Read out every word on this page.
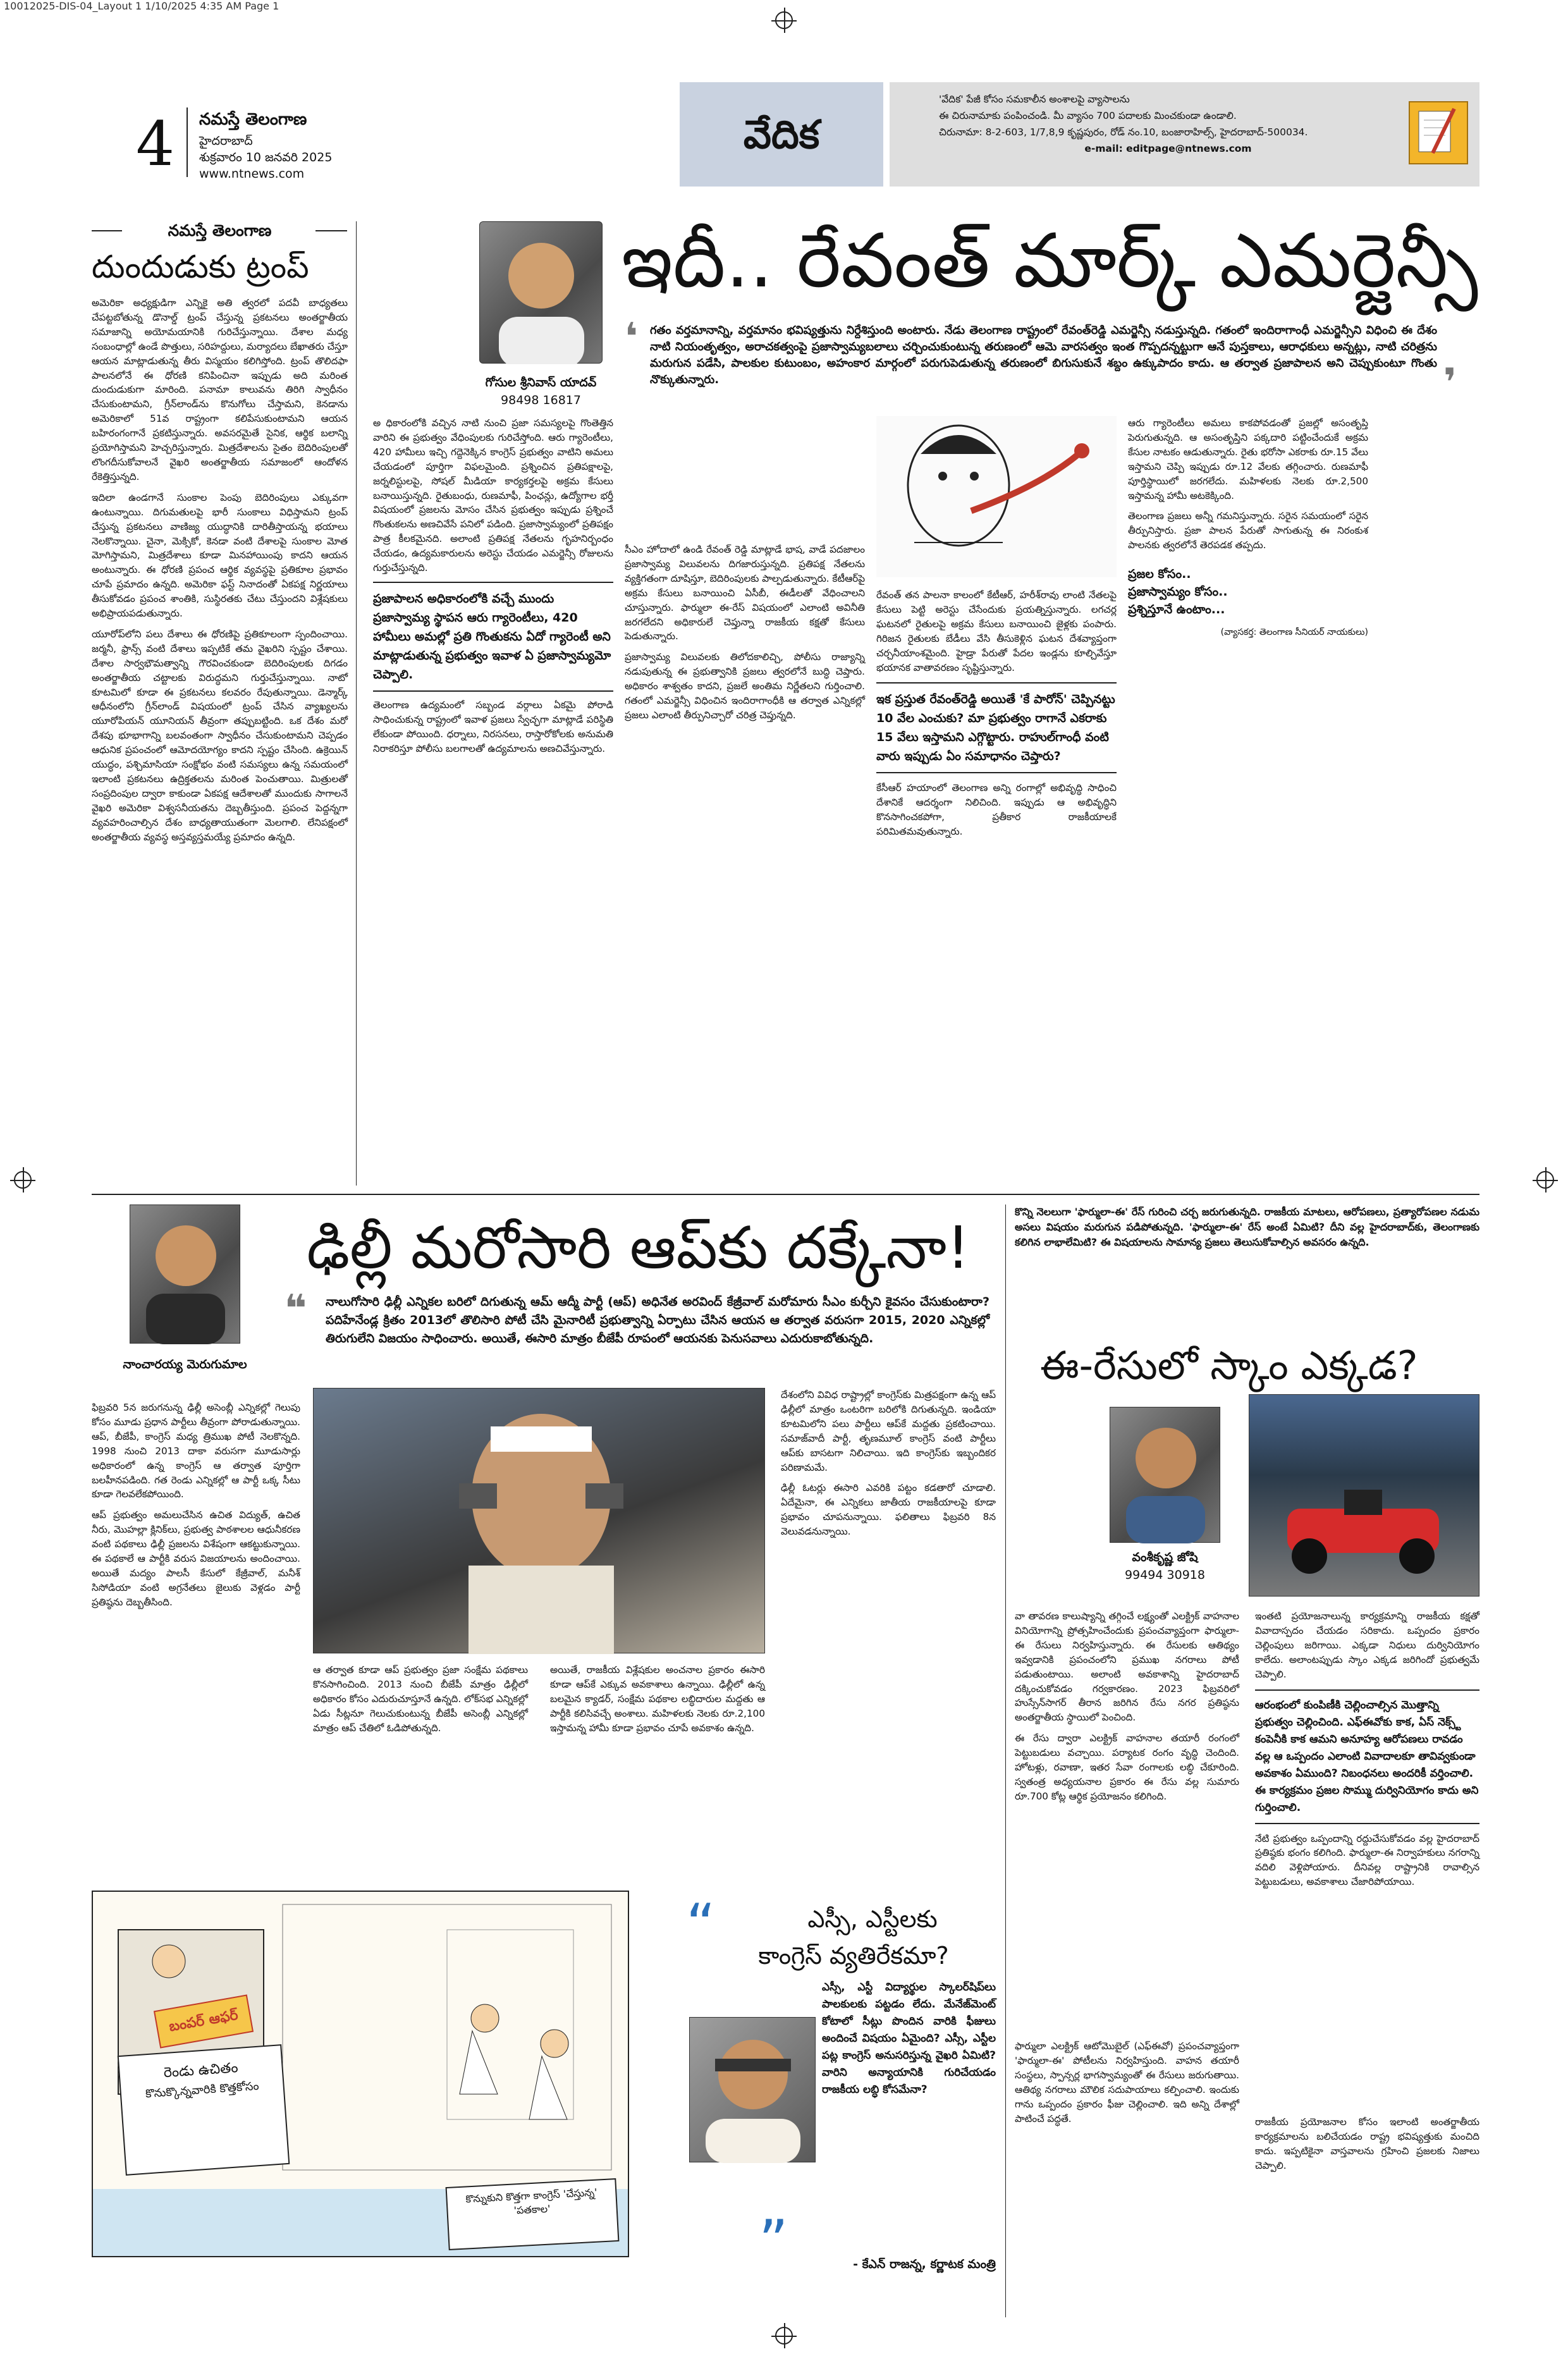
10012025-DIS-04_Layout 1 1/10/2025 4:35 AM Page 1
4 నమస్తే తెలంగాణ
హైదరాబాద్
శుక్రవారం 10 జనవరి 2025
www.ntnews.com
వేదిక
'వేదిక' పేజీ కోసం సమకాలీన అంశాలపై వ్యాసాలను
ఈ చిరునామాకు పంపించండి. మీ వ్యాసం 700 పదాలకు మించకుండా ఉండాలి.
చిరునామా: 8-2-603, 1/7,8,9 కృష్ణపురం, రోడ్ నం.10, బంజారాహిల్స్, హైదరాబాద్-500034.
e-mail: editpage@ntnews.com
నమస్తే తెలంగాణ
దుందుడుకు ట్రంప్

అమెరికా అధ్యక్షుడిగా ఎన్నికై అతి త్వరలో పదవీ బాధ్యతలు చేపట్టబోతున్న డొనాల్డ్ ట్రంప్ చేస్తున్న ప్రకటనలు అంతర్జాతీయ సమాజాన్ని అయోమయానికి గురిచేస్తున్నాయి. దేశాల మధ్య సంబంధాల్లో ఉండే పొత్తులు, సరిహద్దులు, మర్యాదలు బేఖాతరు చేస్తూ ఆయన మాట్లాడుతున్న తీరు విస్మయం కలిగిస్తోంది. ట్రంప్ తొలిదఫా పాలనలోనే ఈ ధోరణి కనిపించినా ఇప్పుడు అది మరింత దుందుడుకుగా మారింది. పనామా కాలువను తిరిగి స్వాధీనం చేసుకుంటామని, గ్రీన్‌లాండ్‌ను కొనుగోలు చేస్తామని, కెనడాను అమెరికాలో 51వ రాష్ట్రంగా కలిపేసుకుంటామని ఆయన బహిరంగంగానే ప్రకటిస్తున్నారు. అవసరమైతే సైనిక, ఆర్థిక బలాన్ని ప్రయోగిస్తామని హెచ్చరిస్తున్నారు. మిత్రదేశాలను సైతం బెదిరింపులతో లొంగదీసుకోవాలనే వైఖరి అంతర్జాతీయ సమాజంలో ఆందోళన రేకెత్తిస్తున్నది.

ఇదిలా ఉండగానే సుంకాల పెంపు బెదిరింపులు ఎక్కువగా ఉంటున్నాయి. దిగుమతులపై భారీ సుంకాలు విధిస్తామని ట్రంప్ చేస్తున్న ప్రకటనలు వాణిజ్య యుద్ధానికి దారితీస్తాయన్న భయాలు నెలకొన్నాయి. చైనా, మెక్సికో, కెనడా వంటి దేశాలపై సుంకాల మోత మోగిస్తామని, మిత్రదేశాలు కూడా మినహాయింపు కాదని ఆయన అంటున్నారు. ఈ ధోరణి ప్రపంచ ఆర్థిక వ్యవస్థపై ప్రతికూల ప్రభావం చూపే ప్రమాదం ఉన్నది. అమెరికా ఫస్ట్ నినాదంతో ఏకపక్ష నిర్ణయాలు తీసుకోవడం ప్రపంచ శాంతికి, సుస్థిరతకు చేటు చేస్తుందని విశ్లేషకులు అభిప్రాయపడుతున్నారు.

యూరోప్‌లోని పలు దేశాలు ఈ ధోరణిపై ప్రతికూలంగా స్పందించాయి. జర్మనీ, ఫ్రాన్స్ వంటి దేశాలు ఇప్పటికే తమ వైఖరిని స్పష్టం చేశాయి. దేశాల సార్వభౌమత్వాన్ని గౌరవించకుండా బెదిరింపులకు దిగడం అంతర్జాతీయ చట్టాలకు విరుద్ధమని గుర్తుచేస్తున్నాయి. నాటో కూటమిలో కూడా ఈ ప్రకటనలు కలవరం రేపుతున్నాయి. డెన్మార్క్ ఆధీనంలోని గ్రీన్‌లాండ్ విషయంలో ట్రంప్ చేసిన వ్యాఖ్యలను యూరోపియన్ యూనియన్ తీవ్రంగా తప్పుబట్టింది. ఒక దేశం మరో దేశపు భూభాగాన్ని బలవంతంగా స్వాధీనం చేసుకుంటామని చెప్పడం ఆధునిక ప్రపంచంలో ఆమోదయోగ్యం కాదని స్పష్టం చేసింది. ఉక్రెయిన్ యుద్ధం, పశ్చిమాసియా సంక్షోభం వంటి సమస్యలు ఉన్న సమయంలో ఇలాంటి ప్రకటనలు ఉద్రిక్తతలను మరింత పెంచుతాయి. మిత్రులతో సంప్రదింపుల ద్వారా కాకుండా ఏకపక్ష ఆదేశాలతో ముందుకు సాగాలనే వైఖరి అమెరికా విశ్వసనీయతను దెబ్బతీస్తుంది. ప్రపంచ పెద్దన్నగా వ్యవహరించాల్సిన దేశం బాధ్యతాయుతంగా మెలగాలి. లేనిపక్షంలో అంతర్జాతీయ వ్యవస్థ అస్తవ్యస్తమయ్యే ప్రమాదం ఉన్నది.

గోసుల శ్రీనివాస్ యాదవ్
98498 16817
ఇదీ.. రేవంత్ మార్క్ ఎమర్జెన్సీ
❛	గతం వర్తమానాన్ని, వర్తమానం భవిష్యత్తును నిర్దేశిస్తుంది అంటారు. నేడు తెలంగాణ రాష్ట్రంలో రేవంత్‌రెడ్డి ఎమర్జెన్సీ నడుస్తున్నది. గతంలో ఇందిరాగాంధీ ఎమర్జెన్సీని విధించి ఈ దేశం నాటి నియంతృత్వం, అరాచకత్వంపై ప్రజాస్వామ్యబలాలు చర్చించుకుంటున్న తరుణంలో ఆమె వారసత్వం ఇంత గొప్పదన్నట్టుగా ఆనే పుస్తకాలు, ఆరాధకులు అన్నట్లు, నాటి చరిత్రను మరుగున పడేసి, పాలకుల కుటుంబం, అహంకార మార్గంలో పరుగుపెడుతున్న తరుణంలో బిగుసుకునే శబ్దం ఉక్కుపాదం కాదు. ఆ తర్వాత ప్రజాపాలన అని చెప్పుకుంటూ గొంతు నొక్కుతున్నారు.	❜

అ ధికారంలోకి వచ్చిన నాటి నుంచి ప్రజా సమస్యలపై గొంతెత్తిన వారిని ఈ ప్రభుత్వం వేధింపులకు గురిచేస్తోంది. ఆరు గ్యారెంటీలు, 420 హామీలు ఇచ్చి గద్దెనెక్కిన కాంగ్రెస్ ప్రభుత్వం వాటిని అమలు చేయడంలో పూర్తిగా విఫలమైంది. ప్రశ్నించిన ప్రతిపక్షాలపై, జర్నలిస్టులపై, సోషల్ మీడియా కార్యకర్తలపై అక్రమ కేసులు బనాయిస్తున్నది. రైతుబంధు, రుణమాఫీ, పింఛన్లు, ఉద్యోగాల భర్తీ విషయంలో ప్రజలను మోసం చేసిన ప్రభుత్వం ఇప్పుడు ప్రశ్నించే గొంతుకలను అణచివేసే పనిలో పడింది. ప్రజాస్వామ్యంలో ప్రతిపక్షం పాత్ర కీలకమైనది. అలాంటి ప్రతిపక్ష నేతలను గృహనిర్బంధం చేయడం, ఉద్యమకారులను అరెస్టు చేయడం ఎమర్జెన్సీ రోజులను గుర్తుచేస్తున్నది.

ప్రజాపాలన అధికారంలోకి వచ్చే ముందు ప్రజాస్వామ్య స్థాపన ఆరు గ్యారెంటీలు, 420 హామీలు అమల్లో ప్రతి గొంతుకను ఏదో గ్యారెంటీ అని మాట్లాడుతున్న ప్రభుత్వం ఇవాళ ఏ ప్రజాస్వామ్యమో చెప్పాలి.

తెలంగాణ ఉద్యమంలో సబ్బండ వర్గాలు ఏకమై పోరాడి సాధించుకున్న రాష్ట్రంలో ఇవాళ ప్రజలు స్వేచ్ఛగా మాట్లాడే పరిస్థితి లేకుండా పోయింది. ధర్నాలు, నిరసనలు, రాస్తారోకోలకు అనుమతి నిరాకరిస్తూ పోలీసు బలగాలతో ఉద్యమాలను అణచివేస్తున్నారు.

సీఎం హోదాలో ఉండి రేవంత్ రెడ్డి మాట్లాడే భాష, వాడే పదజాలం ప్రజాస్వామ్య విలువలను దిగజారుస్తున్నది. ప్రతిపక్ష నేతలను వ్యక్తిగతంగా దూషిస్తూ, బెదిరింపులకు పాల్పడుతున్నారు. కేటీఆర్‌పై అక్రమ కేసులు బనాయించి ఏసీబీ, ఈడీలతో వేధించాలని చూస్తున్నారు. ఫార్ములా ఈ-రేస్ విషయంలో ఎలాంటి అవినీతి జరగలేదని అధికారులే చెప్తున్నా రాజకీయ కక్షతో కేసులు పెడుతున్నారు.

ప్రజాస్వామ్య విలువలకు తిలోదకాలిచ్చి, పోలీసు రాజ్యాన్ని నడుపుతున్న ఈ ప్రభుత్వానికి ప్రజలు త్వరలోనే బుద్ధి చెప్తారు. అధికారం శాశ్వతం కాదని, ప్రజలే అంతిమ నిర్ణేతలని గుర్తించాలి. గతంలో ఎమర్జెన్సీ విధించిన ఇందిరాగాంధీకి ఆ తర్వాత ఎన్నికల్లో ప్రజలు ఎలాంటి తీర్పునిచ్చారో చరిత్ర చెప్తున్నది.

రేవంత్ తన పాలనా కాలంలో కేటీఆర్, హరీశ్‌రావు లాంటి నేతలపై కేసులు పెట్టి అరెస్టు చేసేందుకు ప్రయత్నిస్తున్నారు. లగచర్ల ఘటనలో రైతులపై అక్రమ కేసులు బనాయించి జైళ్లకు పంపారు. గిరిజన రైతులకు బేడీలు వేసి తీసుకెళ్లిన ఘటన దేశవ్యాప్తంగా చర్చనీయాంశమైంది. హైడ్రా పేరుతో పేదల ఇండ్లను కూల్చివేస్తూ భయానక వాతావరణం సృష్టిస్తున్నారు.

ఇక ప్రస్తుత రేవంత్‌రెడ్డి అయితే 'కే పారోన్' చెప్పినట్టు 10 వేల ఎంచుకు? మా ప్రభుత్వం రాగానే ఎకరాకు 15 వేలు ఇస్తామని ఎగ్గొట్టారు. రాహుల్‌గాంధీ వంటి వారు ఇప్పుడు ఏం సమాధానం చెప్తారు?

కేసీఆర్ హయాంలో తెలంగాణ అన్ని రంగాల్లో అభివృద్ధి సాధించి దేశానికే ఆదర్శంగా నిలిచింది. ఇప్పుడు ఆ అభివృద్ధిని కొనసాగించకపోగా, ప్రతీకార రాజకీయాలకే పరిమితమవుతున్నారు.

ఆరు గ్యారెంటీలు అమలు కాకపోవడంతో ప్రజల్లో అసంతృప్తి పెరుగుతున్నది. ఆ అసంతృప్తిని పక్కదారి పట్టించేందుకే అక్రమ కేసుల నాటకం ఆడుతున్నారు. రైతు భరోసా ఎకరాకు రూ.15 వేలు ఇస్తామని చెప్పి ఇప్పుడు రూ.12 వేలకు తగ్గించారు. రుణమాఫీ పూర్తిస్థాయిలో జరగలేదు. మహిళలకు నెలకు రూ.2,500 ఇస్తామన్న హామీ అటకెక్కింది.

తెలంగాణ ప్రజలు అన్నీ గమనిస్తున్నారు. సరైన సమయంలో సరైన తీర్పునిస్తారు. ప్రజా పాలన పేరుతో సాగుతున్న ఈ నిరంకుశ పాలనకు త్వరలోనే తెరపడక తప్పదు.

ప్రజల కోసం..
ప్రజాస్వామ్యం కోసం..
ప్రశ్నిస్తూనే ఉంటాం...
(వ్యాసకర్త: తెలంగాణ సీనియర్ నాయకులు)
నాంచారయ్య మెరుగుమాల
ఢిల్లీ మరోసారి ఆప్‌కు దక్కేనా!
❝ నాలుగోసారి ఢిల్లీ ఎన్నికల బరిలో దిగుతున్న ఆమ్ ఆద్మీ పార్టీ (ఆప్) అధినేత అరవింద్ కేజ్రీవాల్ మరోమారు సీఎం కుర్చీని కైవసం చేసుకుంటారా? పదిహేనేండ్ల క్రితం 2013లో తొలిసారి పోటీ చేసి మైనారిటీ ప్రభుత్వాన్ని ఏర్పాటు చేసిన ఆయన ఆ తర్వాత వరుసగా 2015, 2020 ఎన్నికల్లో తిరుగులేని విజయం సాధించారు. అయితే, ఈసారి మాత్రం బీజేపీ రూపంలో ఆయనకు పెనుసవాలు ఎదురుకాబోతున్నది.

ఫిబ్రవరి 5న జరుగనున్న ఢిల్లీ అసెంబ్లీ ఎన్నికల్లో గెలుపు కోసం మూడు ప్రధాన పార్టీలు తీవ్రంగా పోరాడుతున్నాయి. ఆప్, బీజేపీ, కాంగ్రెస్ మధ్య త్రిముఖ పోటీ నెలకొన్నది. 1998 నుంచి 2013 దాకా వరుసగా మూడుసార్లు అధికారంలో ఉన్న కాంగ్రెస్ ఆ తర్వాత పూర్తిగా బలహీనపడింది. గత రెండు ఎన్నికల్లో ఆ పార్టీ ఒక్క సీటు కూడా గెలవలేకపోయింది.

ఆప్ ప్రభుత్వం అమలుచేసిన ఉచిత విద్యుత్, ఉచిత నీరు, మొహల్లా క్లినిక్‌లు, ప్రభుత్వ పాఠశాలల ఆధునీకరణ వంటి పథకాలు ఢిల్లీ ప్రజలను విశేషంగా ఆకట్టుకున్నాయి. ఈ పథకాలే ఆ పార్టీకి వరుస విజయాలను అందించాయి. అయితే మద్యం పాలసీ కేసులో కేజ్రీవాల్, మనీశ్ సిసోడియా వంటి అగ్రనేతలు జైలుకు వెళ్లడం పార్టీ ప్రతిష్ఠను దెబ్బతీసింది.

ఆ తర్వాత కూడా ఆప్ ప్రభుత్వం ప్రజా సంక్షేమ పథకాలు కొనసాగించింది. 2013 నుంచి బీజేపీ మాత్రం ఢిల్లీలో అధికారం కోసం ఎదురుచూస్తూనే ఉన్నది. లోక్‌సభ ఎన్నికల్లో ఏడు సీట్లనూ గెలుచుకుంటున్న బీజేపీ అసెంబ్లీ ఎన్నికల్లో మాత్రం ఆప్ చేతిలో ఓడిపోతున్నది.

అయితే, రాజకీయ విశ్లేషకుల అంచనాల ప్రకారం ఈసారి కూడా ఆప్‌కే ఎక్కువ అవకాశాలు ఉన్నాయి. ఢిల్లీలో ఉన్న బలమైన క్యాడర్, సంక్షేమ పథకాల లబ్ధిదారుల మద్దతు ఆ పార్టీకి కలిసివచ్చే అంశాలు. మహిళలకు నెలకు రూ.2,100 ఇస్తామన్న హామీ కూడా ప్రభావం చూపే అవకాశం ఉన్నది.

దేశంలోని వివిధ రాష్ట్రాల్లో కాంగ్రెస్‌కు మిత్రపక్షంగా ఉన్న ఆప్ ఢిల్లీలో మాత్రం ఒంటరిగా బరిలోకి దిగుతున్నది. ఇండియా కూటమిలోని పలు పార్టీలు ఆప్‌కే మద్దతు ప్రకటించాయి. సమాజ్‌వాదీ పార్టీ, తృణమూల్ కాంగ్రెస్ వంటి పార్టీలు ఆప్‌కు బాసటగా నిలిచాయి. ఇది కాంగ్రెస్‌కు ఇబ్బందికర పరిణామమే.

ఢిల్లీ ఓటర్లు ఈసారి ఎవరికి పట్టం కడతారో చూడాలి. ఏదేమైనా, ఈ ఎన్నికలు జాతీయ రాజకీయాలపై కూడా ప్రభావం చూపనున్నాయి. ఫలితాలు ఫిబ్రవరి 8న వెలువడనున్నాయి.

కొన్ని నెలలుగా 'ఫార్ములా-ఈ' రేస్ గురించి చర్చ జరుగుతున్నది. రాజకీయ మాటలు, ఆరోపణలు, ప్రత్యారోపణల నడుమ అసలు విషయం మరుగున పడిపోతున్నది. 'ఫార్ములా-ఈ' రేస్ అంటే ఏమిటి? దీని వల్ల హైదరాబాద్‌కు, తెలంగాణకు కలిగిన లాభాలేమిటి? ఈ విషయాలను సామాన్య ప్రజలు తెలుసుకోవాల్సిన అవసరం ఉన్నది.
ఈ-రేసులో స్కాం ఎక్కడ?
వంశీకృష్ణ జోషి
99494 30918

వా తావరణ కాలుష్యాన్ని తగ్గించే లక్ష్యంతో ఎలక్ట్రిక్ వాహనాల వినియోగాన్ని ప్రోత్సహించేందుకు ప్రపంచవ్యాప్తంగా ఫార్ములా-ఈ రేసులు నిర్వహిస్తున్నారు. ఈ రేసులకు ఆతిథ్యం ఇవ్వడానికి ప్రపంచంలోని ప్రముఖ నగరాలు పోటీ పడుతుంటాయి. అలాంటి అవకాశాన్ని హైదరాబాద్ దక్కించుకోవడం గర్వకారణం. 2023 ఫిబ్రవరిలో హుస్సేన్‌సాగర్ తీరాన జరిగిన రేసు నగర ప్రతిష్ఠను అంతర్జాతీయ స్థాయిలో పెంచింది.

ఈ రేసు ద్వారా ఎలక్ట్రిక్ వాహనాల తయారీ రంగంలో పెట్టుబడులు వచ్చాయి. పర్యాటక రంగం వృద్ధి చెందింది. హోటళ్లు, రవాణా, ఇతర సేవా రంగాలకు లబ్ధి చేకూరింది. స్వతంత్ర అధ్యయనాల ప్రకారం ఈ రేసు వల్ల సుమారు రూ.700 కోట్ల ఆర్థిక ప్రయోజనం కలిగింది.

ఇంతటి ప్రయోజనాలున్న కార్యక్రమాన్ని రాజకీయ కక్షతో వివాదాస్పదం చేయడం సరికాదు. ఒప్పందం ప్రకారం చెల్లింపులు జరిగాయి. ఎక్కడా నిధులు దుర్వినియోగం కాలేదు. అలాంటప్పుడు స్కాం ఎక్కడ జరిగిందో ప్రభుత్వమే చెప్పాలి.

ఆరంభంలో కుంపిణీకి చెల్లించాల్సిన మొత్తాన్ని ప్రభుత్వం చెల్లించింది. ఎఫ్‌ఈవోకు కాక, ఏస్ నెక్స్ట్ కంపెనీకి కాక ఆమని అనూహ్య ఆరోపణలు రావడం వల్ల ఆ ఒప్పందం ఎలాంటి వివాదాలకూ తావివ్వకుండా అవకాశం ఏముంది? నిబంధనలు అందరికీ వర్తించాలి. ఈ కార్యక్రమం ప్రజల సొమ్ము దుర్వినియోగం కాదు అని గుర్తించాలి.

నేటి ప్రభుత్వం ఒప్పందాన్ని రద్దుచేసుకోవడం వల్ల హైదరాబాద్ ప్రతిష్ఠకు భంగం కలిగింది. ఫార్ములా-ఈ నిర్వాహకులు నగరాన్ని వదిలి వెళ్లిపోయారు. దీనివల్ల రాష్ట్రానికి రావాల్సిన పెట్టుబడులు, అవకాశాలు చేజారిపోయాయి.

ఫార్ములా ఎలక్ట్రిక్ ఆటోమొబైల్ (ఎఫ్‌ఈవో) ప్రపంచవ్యాప్తంగా 'ఫార్ములా-ఈ' పోటీలను నిర్వహిస్తుంది. వాహన తయారీ సంస్థలు, స్పాన్సర్ల భాగస్వామ్యంతో ఈ రేసులు జరుగుతాయి. ఆతిథ్య నగరాలు మౌలిక సదుపాయాలు కల్పించాలి. ఇందుకు గాను ఒప్పందం ప్రకారం ఫీజు చెల్లించాలి. ఇది అన్ని దేశాల్లో పాటించే పద్ధతే.	రాజకీయ ప్రయోజనాల కోసం ఇలాంటి అంతర్జాతీయ కార్యక్రమాలను బలిచేయడం రాష్ట్ర భవిష్యత్తుకు మంచిది కాదు. ఇప్పటికైనా వాస్తవాలను గ్రహించి ప్రజలకు నిజాలు చెప్పాలి.

బంపర్ ఆఫర్
రెండు ఉచితం
కొనుక్కొన్నవారికి కొత్తకోసం
కొన్నుకుని కొత్తగా కాంగ్రెస్ 'చేస్తున్న' 'పతకాల'
“	ఎస్సీ, ఎస్టీలకు
కాంగ్రెస్ వ్యతిరేకమా?
ఎస్సీ, ఎస్టీ విద్యార్థుల స్కాలర్‌షిప్‌లు పాలకులకు పట్టడం లేదు. మేనేజ్‌మెంట్ కోటాలో సీట్లు పొందిన వారికి ఫీజులు అందించే విషయం ఏమైంది? ఎస్సీ, ఎస్టీల పట్ల కాంగ్రెస్ అనుసరిస్తున్న వైఖరి ఏమిటి? వారిని అన్యాయానికి గురిచేయడం రాజకీయ లబ్ధి కోసమేనా?
”	- కేఎన్ రాజన్న, కర్ణాటక మంత్రి
